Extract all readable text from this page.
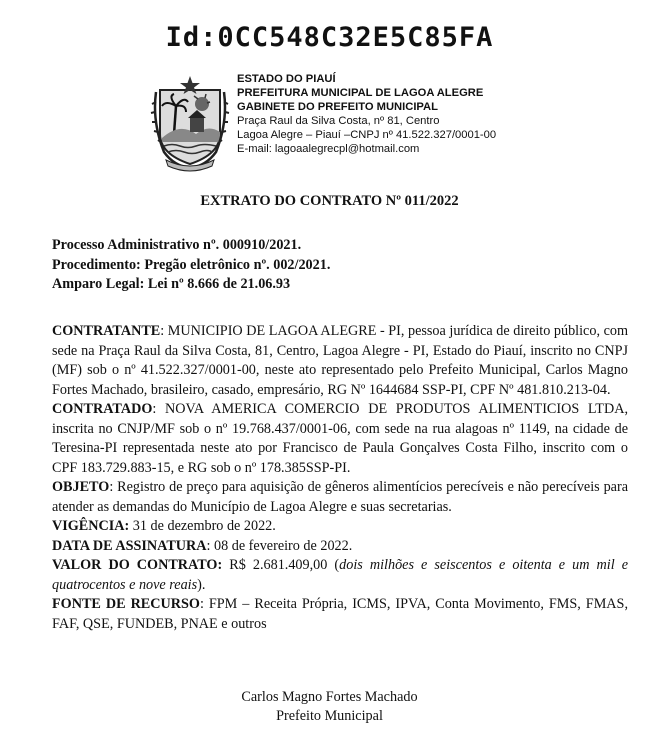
Id:0CC548C32E5C85FA
ESTADO DO PIAUÍ
PREFEITURA MUNICIPAL DE LAGOA ALEGRE
GABINETE DO PREFEITO MUNICIPAL
Praça Raul da Silva Costa, nº 81, Centro
Lagoa Alegre – Piauí –CNPJ nº 41.522.327/0001-00
E-mail: lagoaalegrecpl@hotmail.com
EXTRATO DO CONTRATO Nº 011/2022
Processo Administrativo nº. 000910/2021.
Procedimento: Pregão eletrônico nº. 002/2021.
Amparo Legal: Lei nº 8.666 de 21.06.93

CONTRATANTE: MUNICIPIO DE LAGOA ALEGRE - PI, pessoa jurídica de direito público, com sede na Praça Raul da Silva Costa, 81, Centro, Lagoa Alegre - PI, Estado do Piauí, inscrito no CNPJ (MF) sob o nº 41.522.327/0001-00, neste ato representado pelo Prefeito Municipal, Carlos Magno Fortes Machado, brasileiro, casado, empresário, RG Nº 1644684 SSP-PI, CPF Nº 481.810.213-04.

CONTRATADO: NOVA AMERICA COMERCIO DE PRODUTOS ALIMENTICIOS LTDA, inscrita no CNJP/MF sob o nº 19.768.437/0001-06, com sede na rua alagoas nº 1149, na cidade de Teresina-PI representada neste ato por Francisco de Paula Gonçalves Costa Filho, inscrito com o CPF 183.729.883-15, e RG sob o nº 178.385SSP-PI.

OBJETO: Registro de preço para aquisição de gêneros alimentícios perecíveis e não perecíveis para atender as demandas do Município de Lagoa Alegre e suas secretarias.

VIGÊNCIA: 31 de dezembro de 2022.

DATA DE ASSINATURA: 08 de fevereiro de 2022.

VALOR DO CONTRATO: R$ 2.681.409,00 (dois milhões e seiscentos e oitenta e um mil e quatrocentos e nove reais).

FONTE DE RECURSO: FPM – Receita Própria, ICMS, IPVA, Conta Movimento, FMS, FMAS, FAF, QSE, FUNDEB, PNAE e outros

Carlos Magno Fortes Machado
Prefeito Municipal
